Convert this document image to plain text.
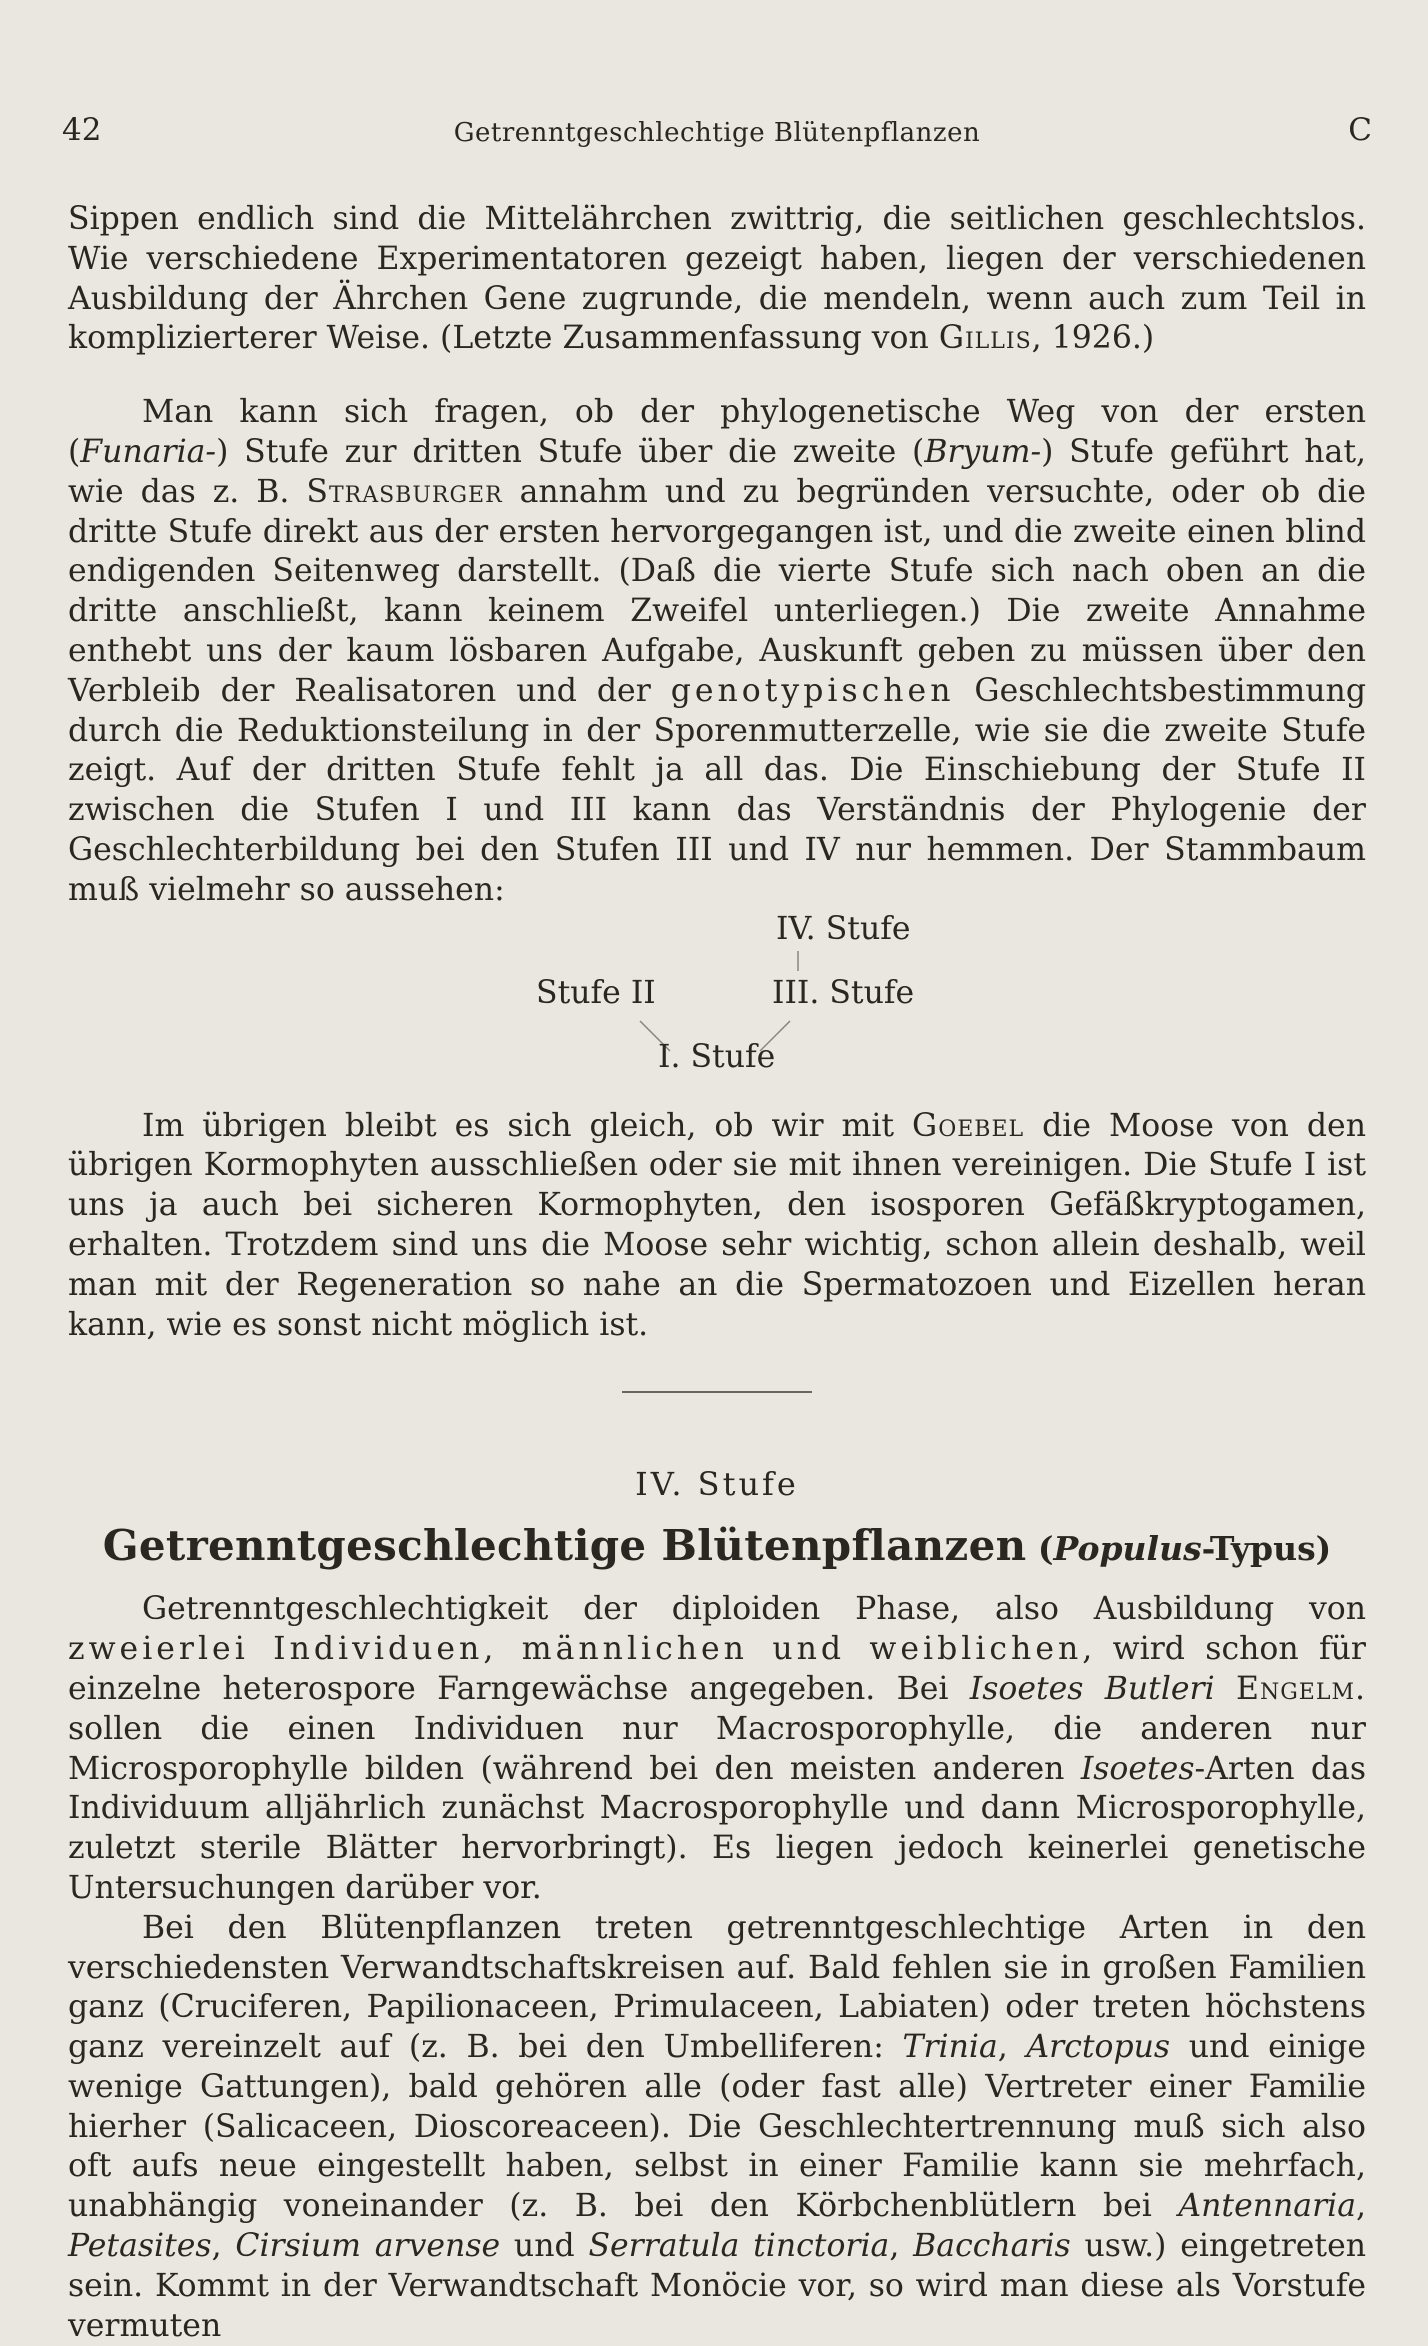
42	Getrenntgeschlechtige Blütenpflanzen	C

Sippen endlich sind die Mittelährchen zwittrig, die seitlichen geschlechtslos. Wie verschiedene Experimentatoren gezeigt haben, liegen der verschiedenen Ausbildung der Ährchen Gene zugrunde, die mendeln, wenn auch zum Teil in komplizierterer Weise. (Letzte Zusammenfassung von Gillis, 1926.)

Man kann sich fragen, ob der phylogenetische Weg von der ersten (Funaria-) Stufe zur dritten Stufe über die zweite (Bryum-) Stufe geführt hat, wie das z. B. Strasburger annahm und zu begründen versuchte, oder ob die dritte Stufe direkt aus der ersten hervorgegangen ist, und die zweite einen blind endigenden Seitenweg darstellt. (Daß die vierte Stufe sich nach oben an die dritte anschließt, kann keinem Zweifel unterliegen.) Die zweite Annahme enthebt uns der kaum lösbaren Aufgabe, Auskunft geben zu müssen über den Verbleib der Realisatoren und der genotypischen Geschlechtsbestimmung durch die Reduktionsteilung in der Sporenmutterzelle, wie sie die zweite Stufe zeigt. Auf der dritten Stufe fehlt ja all das. Die Einschiebung der Stufe II zwischen die Stufen I und III kann das Verständnis der Phylogenie der Geschlechterbildung bei den Stufen III und IV nur hemmen. Der Stammbaum muß vielmehr so aussehen:

IV. Stufe
Stufe II	III. Stufe
I. Stufe

Im übrigen bleibt es sich gleich, ob wir mit Goebel die Moose von den übrigen Kormophyten ausschließen oder sie mit ihnen vereinigen. Die Stufe I ist uns ja auch bei sicheren Kormophyten, den isosporen Gefäßkryptogamen, erhalten. Trotzdem sind uns die Moose sehr wichtig, schon allein deshalb, weil man mit der Regeneration so nahe an die Spermatozoen und Eizellen heran kann, wie es sonst nicht möglich ist.

IV. Stufe
Getrenntgeschlechtige Blütenpflanzen (Populus-Typus)

Getrenntgeschlechtigkeit der diploiden Phase, also Ausbildung von zweierlei Individuen, männlichen und weiblichen, wird schon für einzelne heterospore Farngewächse angegeben. Bei Isoetes Butleri Engelm. sollen die einen Individuen nur Macrosporophylle, die anderen nur Microsporophylle bilden (während bei den meisten anderen Isoetes-Arten das Individuum alljährlich zunächst Macrosporophylle und dann Microsporophylle, zuletzt sterile Blätter hervorbringt). Es liegen jedoch keinerlei genetische Untersuchungen darüber vor.

Bei den Blütenpflanzen treten getrenntgeschlechtige Arten in den verschiedensten Verwandtschaftskreisen auf. Bald fehlen sie in großen Familien ganz (Cruciferen, Papilionaceen, Primulaceen, Labiaten) oder treten höchstens ganz vereinzelt auf (z. B. bei den Umbelliferen: Trinia, Arctopus und einige wenige Gattungen), bald gehören alle (oder fast alle) Vertreter einer Familie hierher (Salicaceen, Dioscoreaceen). Die Geschlechtertrennung muß sich also oft aufs neue eingestellt haben, selbst in einer Familie kann sie mehrfach, unabhängig voneinander (z. B. bei den Körbchenblütlern bei Antennaria, Petasites, Cirsium arvense und Serratula tinctoria, Baccharis usw.) eingetreten sein. Kommt in der Verwandtschaft Monöcie vor, so wird man diese als Vorstufe vermuten
